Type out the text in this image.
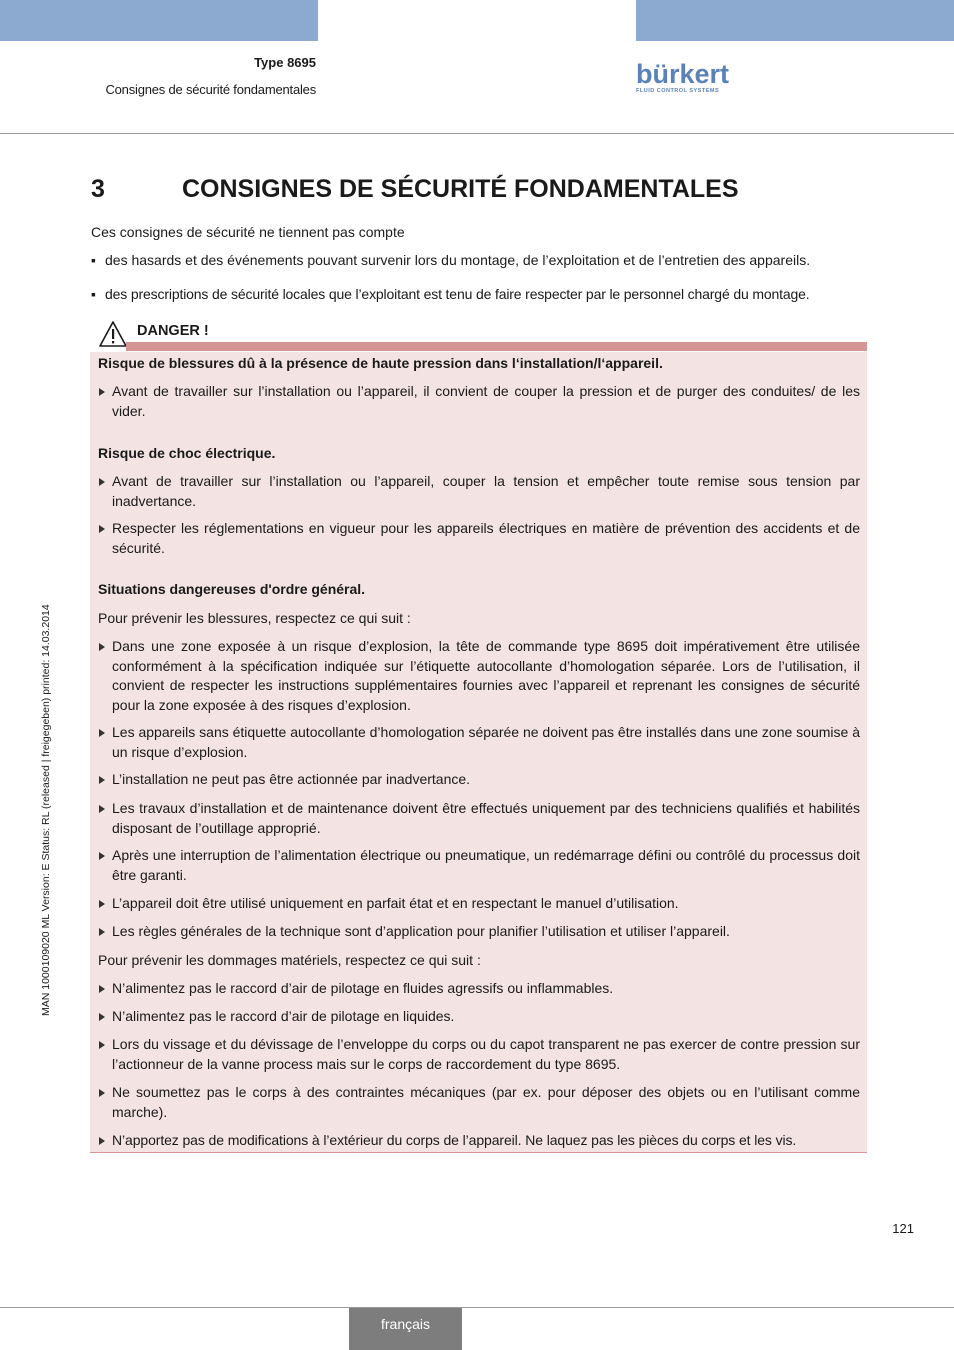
Type 8695
Consignes de sécurité fondamentales
bürkert
FLUID CONTROL SYSTEMS
MAN 1000109020 ML Version: E Status: RL (released | freigegeben) printed: 14.03.2014
3	CONSIGNES DE SÉCURITÉ FONDAMENTALES
Ces consignes de sécurité ne tiennent pas compte
▪ des hasards et des événements pouvant survenir lors du montage, de l’exploitation et de l’entretien des appareils.
▪ des prescriptions de sécurité locales que l’exploitant est tenu de faire respecter par le personnel chargé du montage.
DANGER !
Risque de blessures dû à la présence de haute pression dans l‘installation/l‘appareil.
Avant de travailler sur l’installation ou l’appareil, il convient de couper la pression et de purger des conduites/ de les vider.
Risque de choc électrique.
Avant de travailler sur l’installation ou l’appareil, couper la tension et empêcher toute remise sous tension par inadvertance.
Respecter les réglementations en vigueur pour les appareils électriques en matière de prévention des accidents et de sécurité.
Situations dangereuses d'ordre général.
Pour prévenir les blessures, respectez ce qui suit :
Dans une zone exposée à un risque d’explosion, la tête de commande type 8695 doit impérativement être utilisée conformément à la spécification indiquée sur l’étiquette autocollante d’homologation séparée. Lors de l’utilisation, il convient de respecter les instructions supplémentaires fournies avec l’appareil et reprenant les consignes de sécurité pour la zone exposée à des risques d’explosion.
Les appareils sans étiquette autocollante d’homologation séparée ne doivent pas être installés dans une zone soumise à un risque d’explosion.
L’installation ne peut pas être actionnée par inadvertance.
Les travaux d’installation et de maintenance doivent être effectués uniquement par des techniciens qualifiés et habilités disposant de l’outillage approprié.
Après une interruption de l’alimentation électrique ou pneumatique, un redémarrage défini ou contrôlé du processus doit être garanti.
L’appareil doit être utilisé uniquement en parfait état et en respectant le manuel d’utilisation.
Les règles générales de la technique sont d’application pour planifier l’utilisation et utiliser l’appareil.
Pour prévenir les dommages matériels, respectez ce qui suit :
N’alimentez pas le raccord d’air de pilotage en fluides agressifs ou inflammables.
N’alimentez pas le raccord d’air de pilotage en liquides.
Lors du vissage et du dévissage de l’enveloppe du corps ou du capot transparent ne pas exercer de contre pression sur l’actionneur de la vanne process mais sur le corps de raccordement du type 8695.
Ne soumettez pas le corps à des contraintes mécaniques (par ex. pour déposer des objets ou en l’utilisant comme marche).
N’apportez pas de modifications à l’extérieur du corps de l’appareil. Ne laquez pas les pièces du corps et les vis.
121
français
